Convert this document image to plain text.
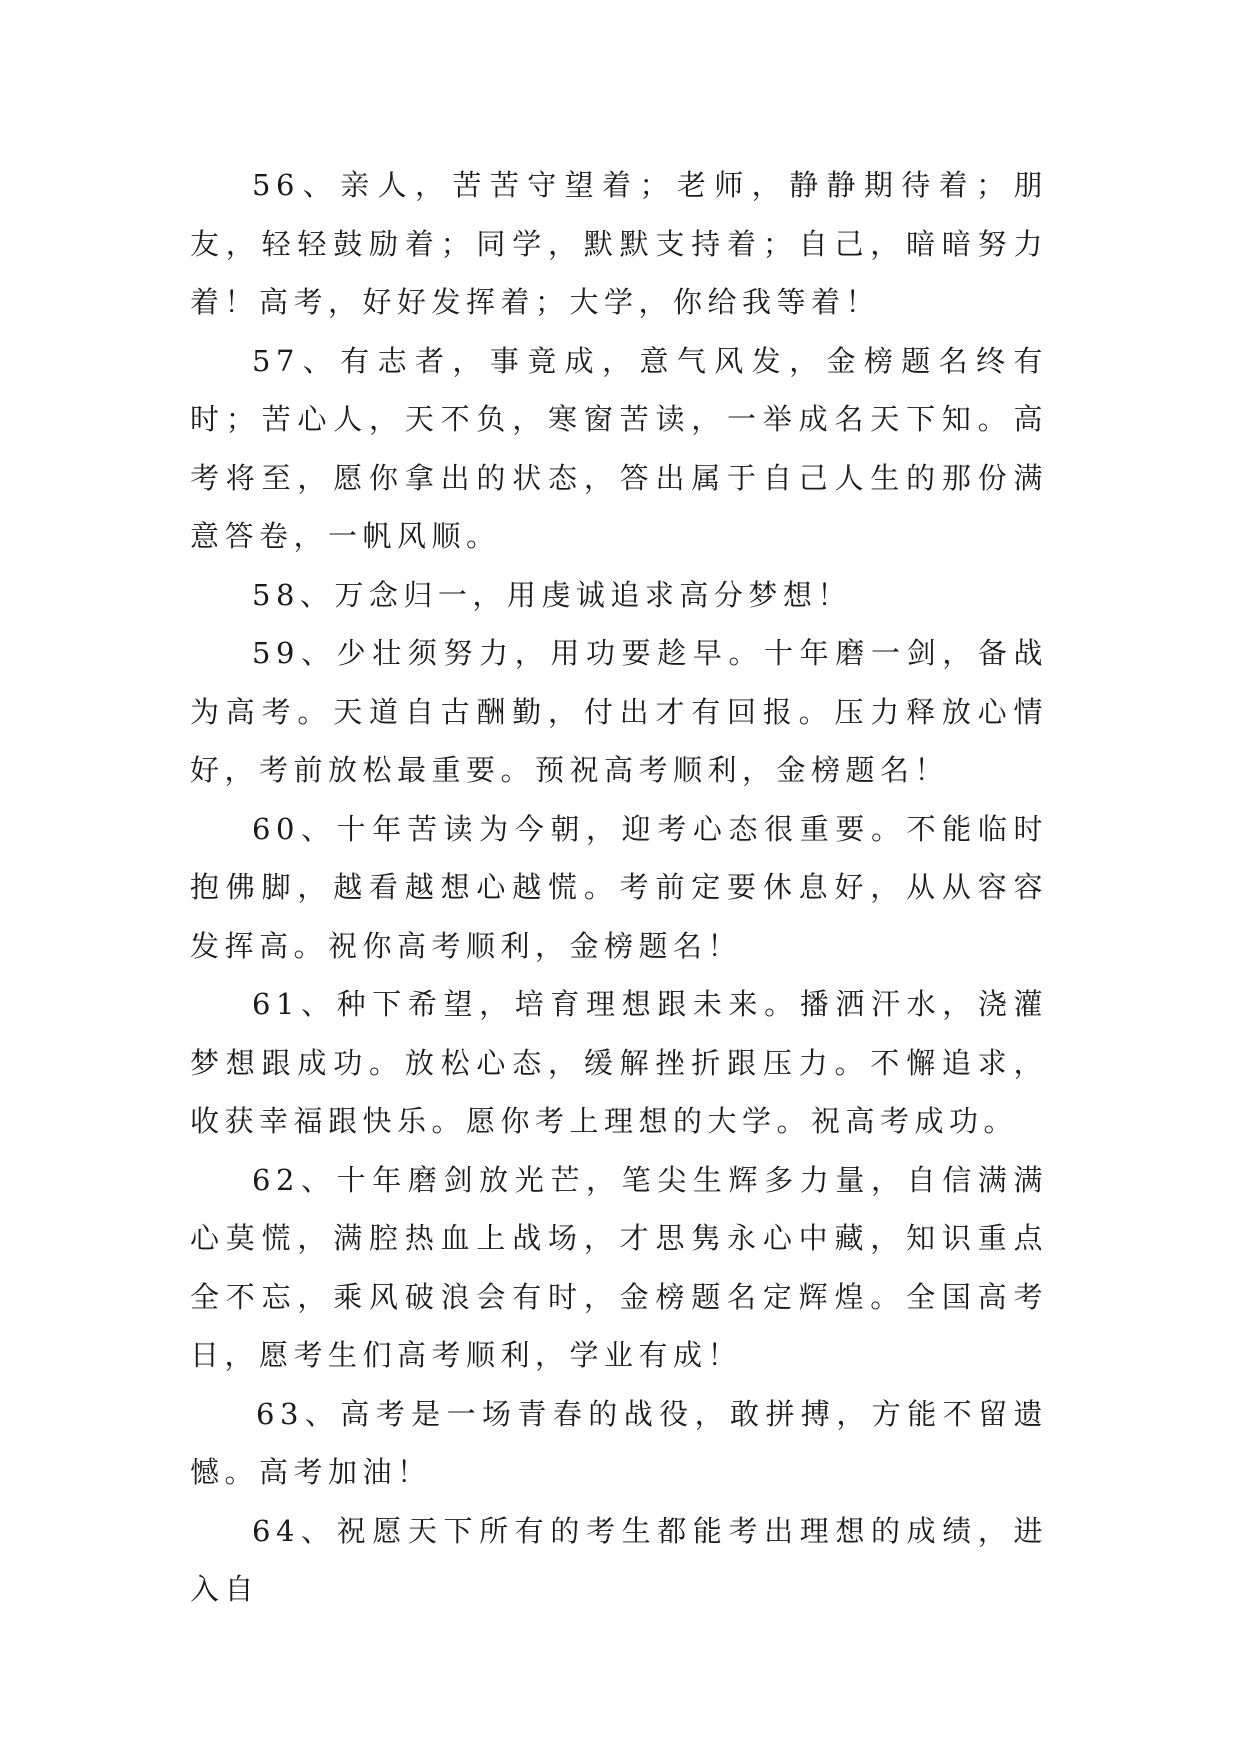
56、亲人，苦苦守望着；老师，静静期待着；朋友，轻轻鼓励着；同学，默默支持着；自己，暗暗努力着！高考，好好发挥着；大学，你给我等着！

57、有志者，事竟成，意气风发，金榜题名终有时；苦心人，天不负，寒窗苦读，一举成名天下知。高考将至，愿你拿出的状态，答出属于自己人生的那份满意答卷，一帆风顺。

58、万念归一，用虔诚追求高分梦想！

59、少壮须努力，用功要趁早。十年磨一剑，备战为高考。天道自古酬勤，付出才有回报。压力释放心情好，考前放松最重要。预祝高考顺利，金榜题名！

60、十年苦读为今朝，迎考心态很重要。不能临时抱佛脚，越看越想心越慌。考前定要休息好，从从容容发挥高。祝你高考顺利，金榜题名！

61、种下希望，培育理想跟未来。播洒汗水，浇灌梦想跟成功。放松心态，缓解挫折跟压力。不懈追求，收获幸福跟快乐。愿你考上理想的大学。祝高考成功。

62、十年磨剑放光芒，笔尖生辉多力量，自信满满心莫慌，满腔热血上战场，才思隽永心中藏，知识重点全不忘，乘风破浪会有时，金榜题名定辉煌。全国高考日，愿考生们高考顺利，学业有成！

63、高考是一场青春的战役，敢拼搏，方能不留遗憾。高考加油！

64、祝愿天下所有的考生都能考出理想的成绩，进入自
